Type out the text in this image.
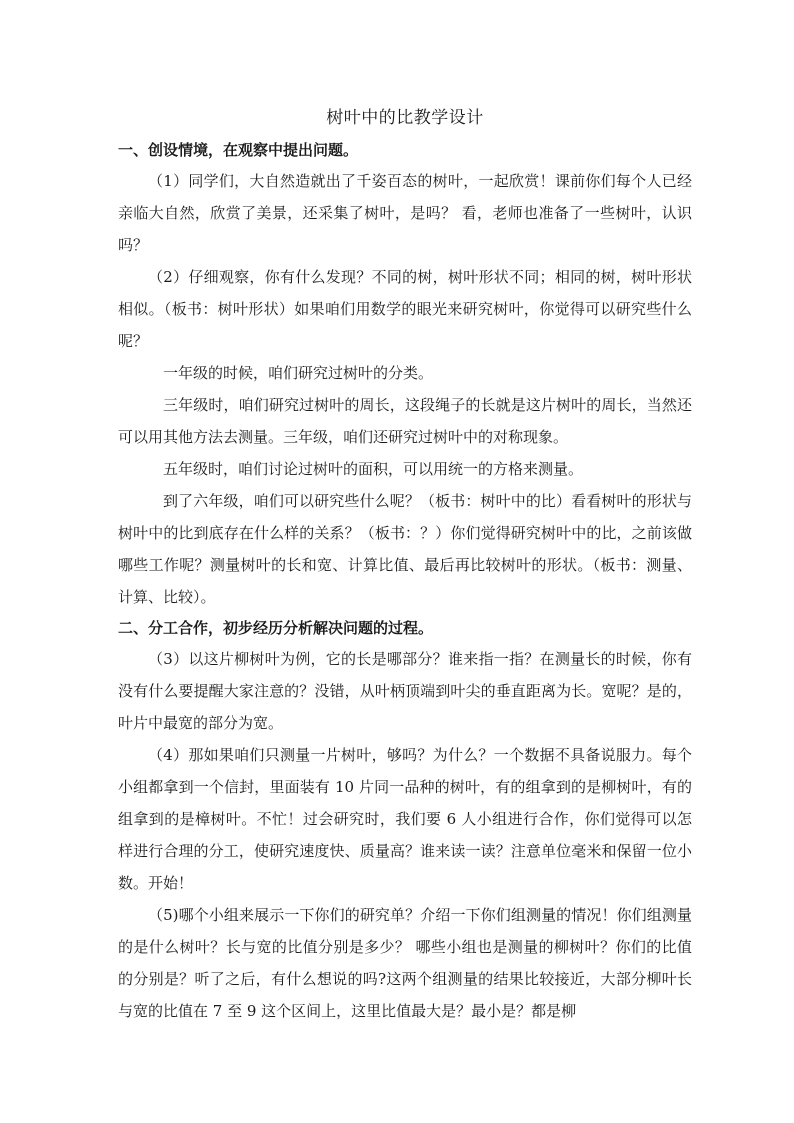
树叶中的比教学设计

一、创设情境，在观察中提出问题。

（1）同学们，大自然造就出了千姿百态的树叶，一起欣赏！课前你们每个人已经亲临大自然，欣赏了美景，还采集了树叶，是吗？ 看，老师也准备了一些树叶，认识吗？

（2）仔细观察，你有什么发现？不同的树，树叶形状不同；相同的树，树叶形状相似。（板书：树叶形状）如果咱们用数学的眼光来研究树叶，你觉得可以研究些什么呢？

一年级的时候，咱们研究过树叶的分类。

三年级时，咱们研究过树叶的周长，这段绳子的长就是这片树叶的周长，当然还可以用其他方法去测量。三年级，咱们还研究过树叶中的对称现象。

五年级时，咱们讨论过树叶的面积，可以用统一的方格来测量。

到了六年级，咱们可以研究些什么呢？（板书：树叶中的比）看看树叶的形状与树叶中的比到底存在什么样的关系？（板书：？）你们觉得研究树叶中的比，之前该做哪些工作呢？测量树叶的长和宽、计算比值、最后再比较树叶的形状。（板书：测量、计算、比较）。

二、分工合作，初步经历分析解决问题的过程。

（3）以这片柳树叶为例，它的长是哪部分？谁来指一指？在测量长的时候，你有没有什么要提醒大家注意的？没错，从叶柄顶端到叶尖的垂直距离为长。宽呢？是的，叶片中最宽的部分为宽。

（4）那如果咱们只测量一片树叶，够吗？为什么？一个数据不具备说服力。每个小组都拿到一个信封，里面装有 10 片同一品种的树叶，有的组拿到的是柳树叶，有的组拿到的是樟树叶。不忙！过会研究时，我们要 6 人小组进行合作，你们觉得可以怎样进行合理的分工，使研究速度快、质量高？谁来读一读？注意单位毫米和保留一位小数。开始！

（5)哪个小组来展示一下你们的研究单？介绍一下你们组测量的情况！你们组测量的是什么树叶？长与宽的比值分别是多少？ 哪些小组也是测量的柳树叶？你们的比值的分别是？听了之后，有什么想说的吗?这两个组测量的结果比较接近，大部分柳叶长与宽的比值在 7 至 9 这个区间上，这里比值最大是？最小是？都是柳
